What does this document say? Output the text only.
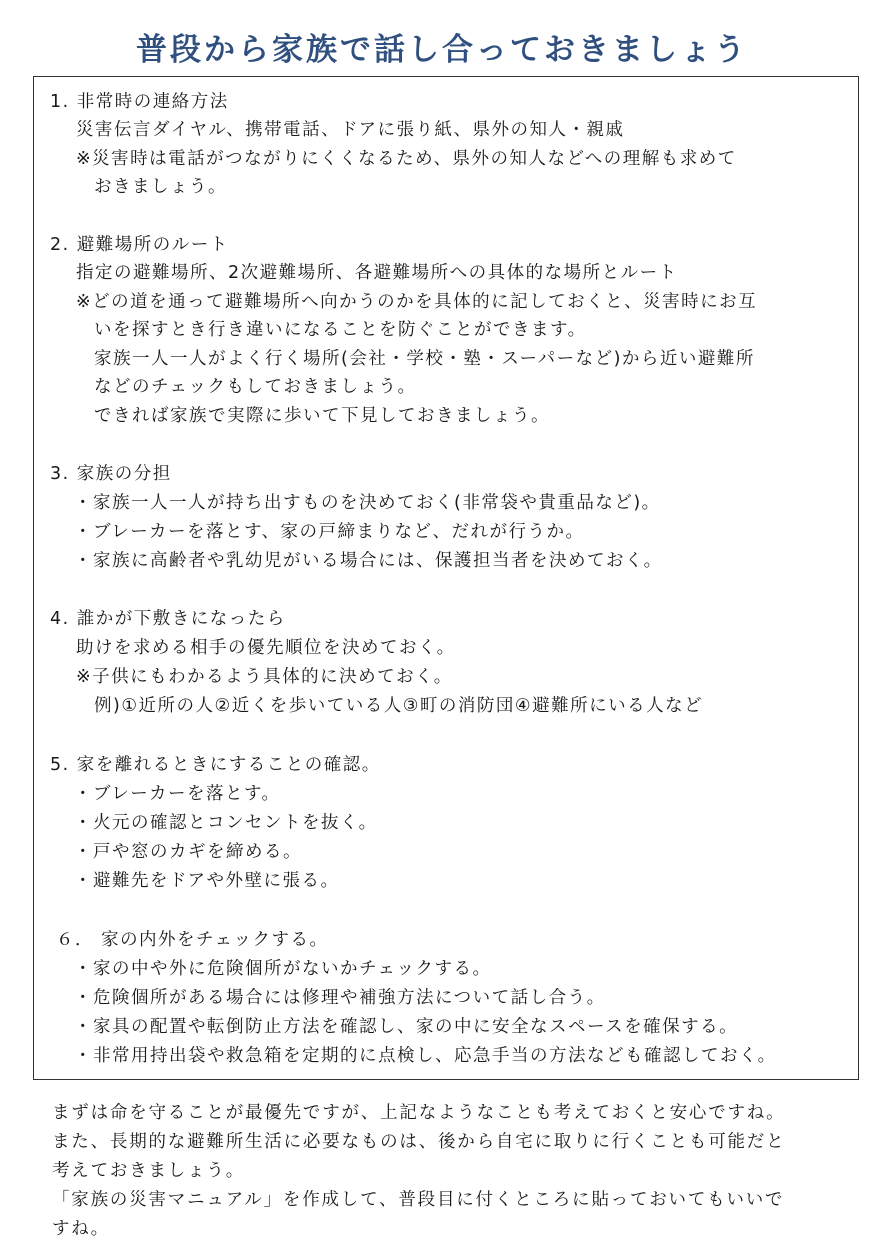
普段から家族で話し合っておきましょう
1. 非常時の連絡方法
災害伝言ダイヤル、携帯電話、ドアに張り紙、県外の知人・親戚
※災害時は電話がつながりにくくなるため、県外の知人などへの理解も求めて
おきましょう。
2. 避難場所のルート
指定の避難場所、2次避難場所、各避難場所への具体的な場所とルート
※どの道を通って避難場所へ向かうのかを具体的に記しておくと、災害時にお互
いを探すとき行き違いになることを防ぐことができます。
家族一人一人がよく行く場所(会社・学校・塾・スーパーなど)から近い避難所
などのチェックもしておきましょう。
できれば家族で実際に歩いて下見しておきましょう。
3. 家族の分担
・家族一人一人が持ち出すものを決めておく(非常袋や貴重品など)。
・ブレーカーを落とす、家の戸締まりなど、だれが行うか。
・家族に高齢者や乳幼児がいる場合には、保護担当者を決めておく。
4. 誰かが下敷きになったら
助けを求める相手の優先順位を決めておく。
※子供にもわかるよう具体的に決めておく。
例)①近所の人②近くを歩いている人③町の消防団④避難所にいる人など
5. 家を離れるときにすることの確認。
・ブレーカーを落とす。
・火元の確認とコンセントを抜く。
・戸や窓のカギを締める。
・避難先をドアや外壁に張る。
６． 家の内外をチェックする。
・家の中や外に危険個所がないかチェックする。
・危険個所がある場合には修理や補強方法について話し合う。
・家具の配置や転倒防止方法を確認し、家の中に安全なスペースを確保する。
・非常用持出袋や救急箱を定期的に点検し、応急手当の方法なども確認しておく。
まずは命を守ることが最優先ですが、上記なようなことも考えておくと安心ですね。
また、長期的な避難所生活に必要なものは、後から自宅に取りに行くことも可能だと
考えておきましょう。
「家族の災害マニュアル」を作成して、普段目に付くところに貼っておいてもいいで
すね。
